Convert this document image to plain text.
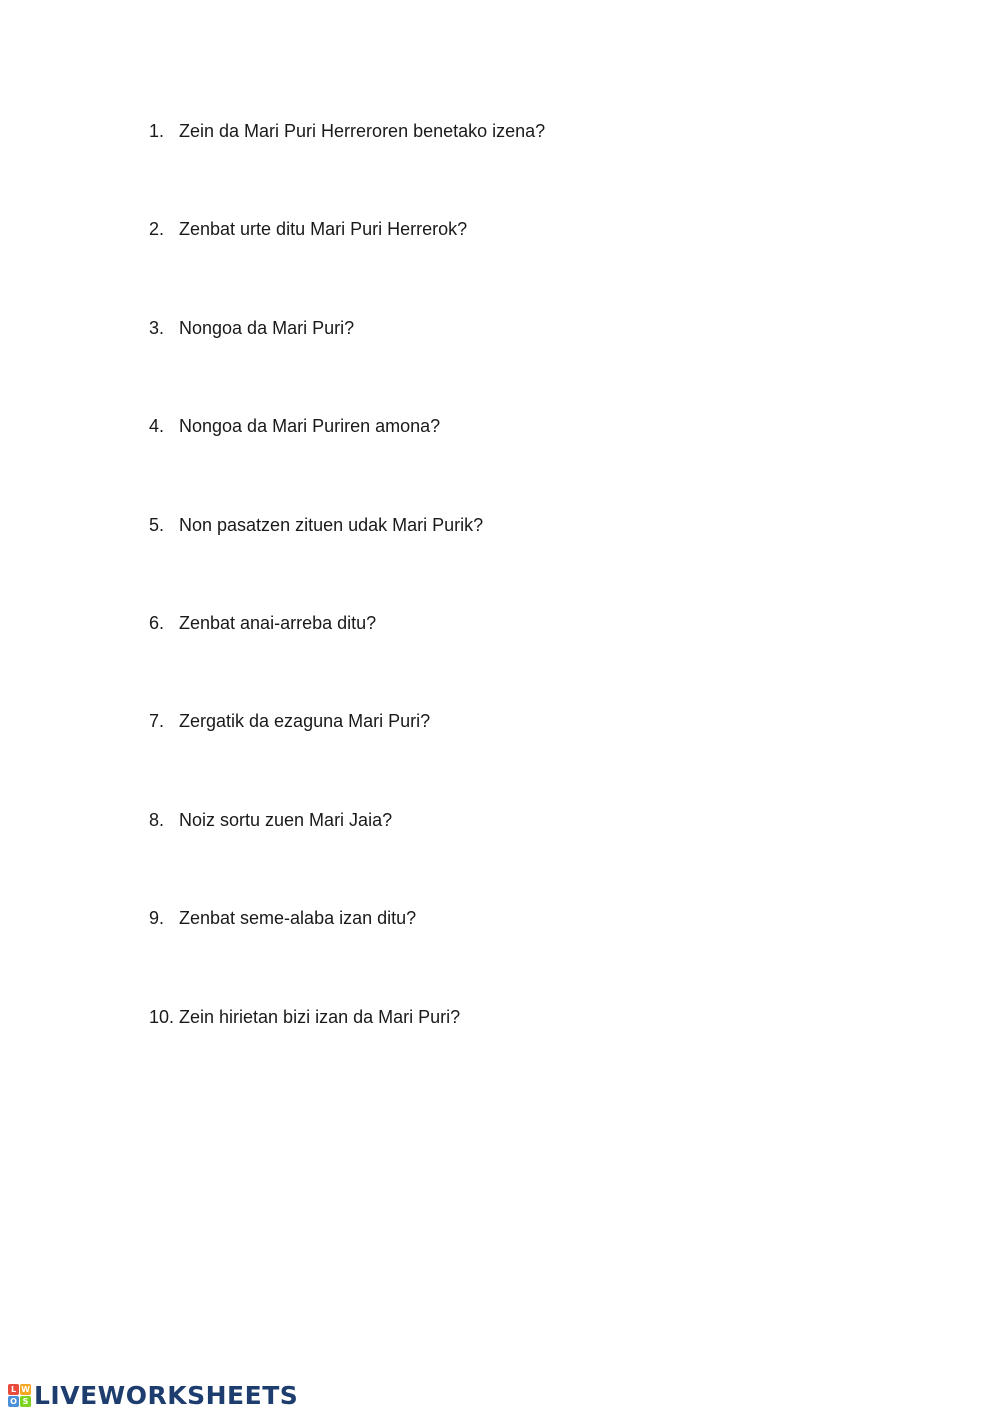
1. Zein da Mari Puri Herreroren benetako izena?
2. Zenbat urte ditu Mari Puri Herrerok?
3. Nongoa da Mari Puri?
4. Nongoa da Mari Puriren amona?
5. Non pasatzen zituen udak Mari Purik?
6. Zenbat anai-arreba ditu?
7. Zergatik da ezaguna Mari Puri?
8. Noiz sortu zuen Mari Jaia?
9. Zenbat seme-alaba izan ditu?
10. Zein hirietan bizi izan da Mari Puri?
L W
O S LIVEWORKSHEETS
